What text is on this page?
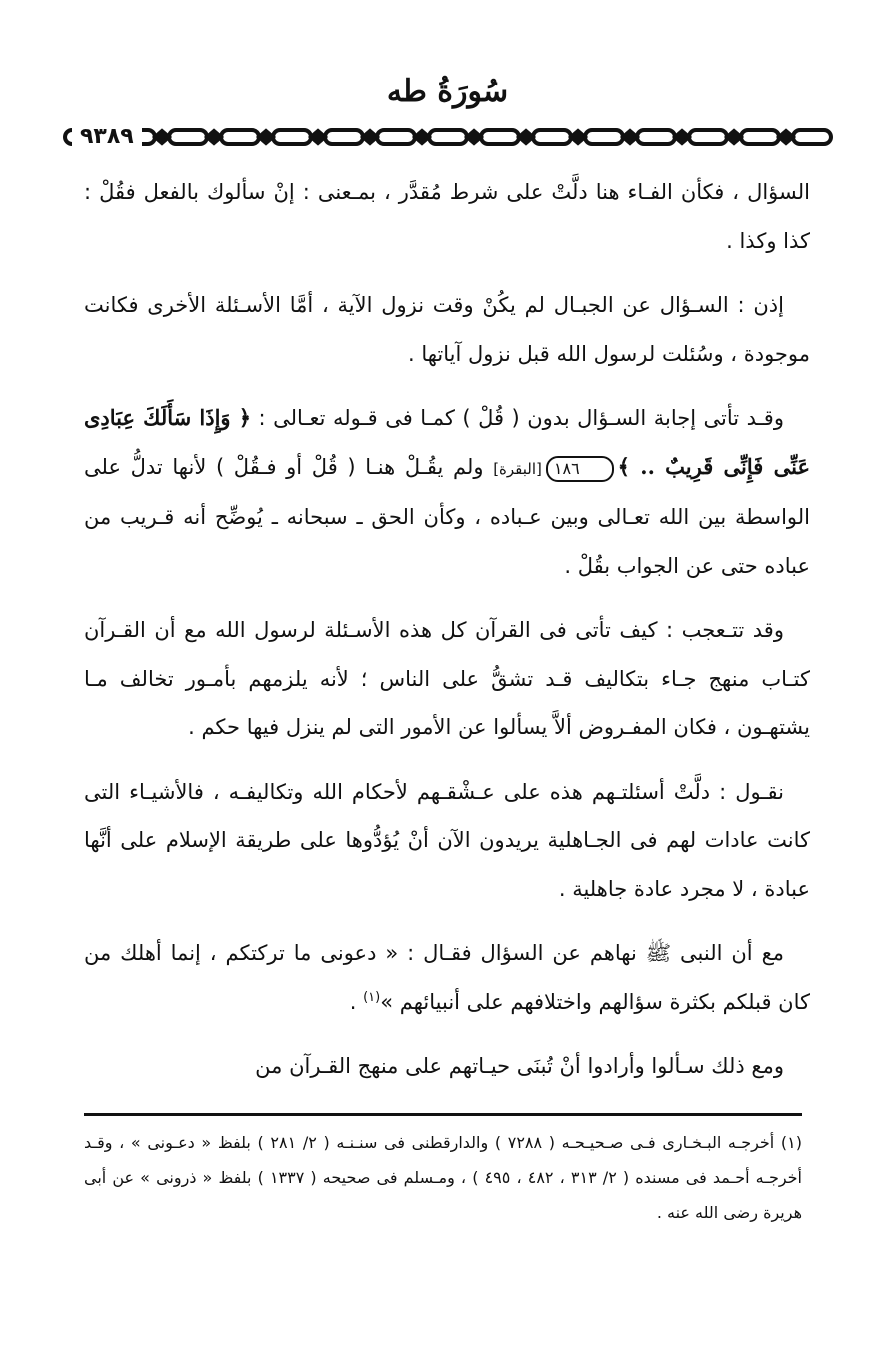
سُورَةُ طه
٩٣٨٩

السؤال ، فكأن الفـاء هنا دلَّتْ على شرط مُقدَّر ، بمـعنى : إنْ سألوك بالفعل فقُلْ : كذا وكذا .

إذن : السـؤال عن الجبـال لم يكُنْ وقت نزول الآية ، أمَّا الأسـئلة الأخرى فكانت موجودة ، وسُئلت لرسول الله قبل نزول آياتها .

وقـد تأتى إجابة السـؤال بدون ( قُلْ ) كمـا فى قـوله تعـالى : ﴿ وَإِذَا سَأَلَكَ عِبَادِى عَنِّى فَإِنِّى قَرِيبٌ .. ﴾١٨٦[البقرة] ولم يقُـلْ هنـا ( قُلْ أو فـقُلْ ) لأنها تدلُّ على الواسطة بين الله تعـالى وبين عـباده ، وكأن الحق ـ سبحانه ـ يُوضِّح أنه قـريب من عباده حتى عن الجواب بقُلْ .

وقد تتـعجب : كيف تأتى فى القرآن كل هذه الأسـئلة لرسول الله مع أن القـرآن كتـاب منهج جـاء بتكاليف قـد تشقُّ على الناس ؛ لأنه يلزمهم بأمـور تخالف مـا يشتهـون ، فكان المفـروض ألاَّ يسألوا عن الأمور التى لم ينزل فيها حكم .

نقـول : دلَّتْ أسئلتـهم هذه على عـشْقـهم لأحكام الله وتكاليفـه ، فالأشيـاء التى كانت عادات لهم فى الجـاهلية يريدون الآن أنْ يُؤدُّوها على طريقة الإسلام على أنَّها عبادة ، لا مجرد عادة جاهلية .

مع أن النبى ﷺ نهاهم عن السؤال فقـال : « دعونى ما تركتكم ، إنما أهلك من كان قبلكم بكثرة سؤالهم واختلافهم على أنبيائهم »$^{(١)}$ .

ومع ذلك سـألوا وأرادوا أنْ تُبنَى حيـاتهم على منهج القـرآن من

(١) أخرجـه البـخـارى فـى صـحيـحـه ( ٧٢٨٨ ) والدارقطنى فى سنـنـه ( ٢/ ٢٨١ ) بلفظ « دعـونى » ، وقـد أخرجـه أحـمد فى مسنده ( ٢/ ٣١٣ ، ٤٨٢ ، ٤٩٥ ) ، ومـسلم فى صحيحه ( ١٣٣٧ ) بلفظ « ذرونى » عن أبى هريرة رضى الله عنه .
